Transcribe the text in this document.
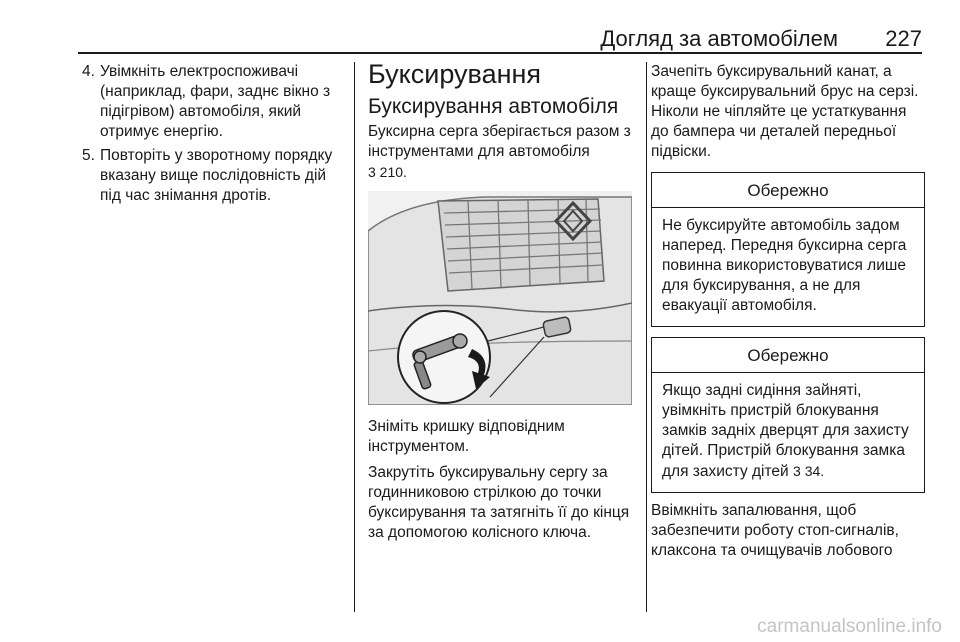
Догляд за автомобілем 227
4. Увімкніть електроспоживачі (наприклад, фари, заднє вікно з підігрівом) автомобіля, який отримує енергію.
5. Повторіть у зворотному порядку вказану вище послідовність дій під час знімання дротів.
Буксирування
Буксирування автомобіля

Буксирна серга зберігається разом з інструментами для автомобіля
3 210.

Зніміть кришку відповідним інструментом.

Закрутіть буксирувальну сергу за годинниковою стрілкою до точки буксирування та затягніть її до кінця за допомогою колісного ключа.

Зачепіть буксирувальний канат, а краще буксирувальний брус на серзі. Ніколи не чіпляйте це устаткування до бампера чи деталей передньої підвіски.

Обережно
Не буксируйте автомобіль задом наперед. Передня буксирна серга повинна використовуватися лише для буксирування, а не для евакуації автомобіля.
Обережно
Якщо задні сидіння зайняті, увімкніть пристрій блокування замків задніх дверцят для захисту дітей. Пристрій блокування замка для захисту дітей 3 34.

Ввімкніть запалювання, щоб забезпечити роботу стоп-сигналів, клаксона та очищувачів лобового

carmanualsonline.info
